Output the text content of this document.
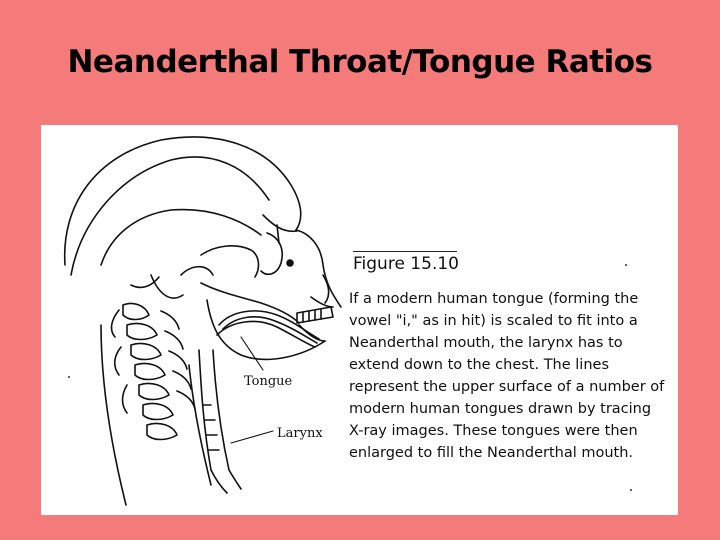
Neanderthal Throat/Tongue Ratios
Figure 15.10
If a modern human tongue (forming the vowel "i," as in hit) is scaled to fit into a Neanderthal mouth, the larynx has to extend down to the chest. The lines represent the upper surface of a number of modern human tongues drawn by tracing X-ray images. These tongues were then enlarged to fill the Neanderthal mouth.
Tongue
Larynx
